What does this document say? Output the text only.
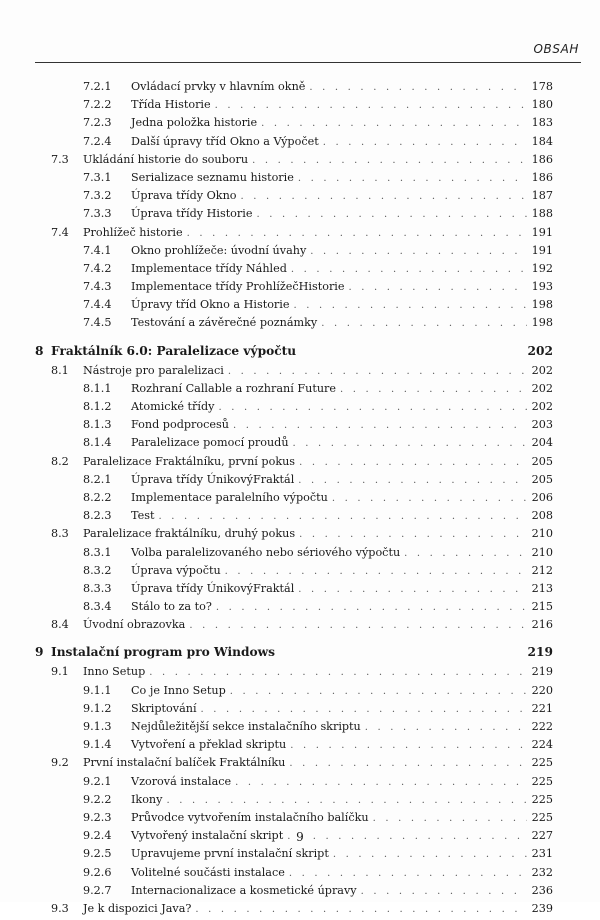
OBSAH
7.2.1	Ovládací prvky v hlavním okně . . .	178
7.2.2	Třída Historie . . .	180
7.2.3	Jedna položka historie . . .	183
7.2.4	Další úpravy tříd Okno a Výpočet . . .	184
7.3	Ukládání historie do souboru . . .	186
7.3.1	Serializace seznamu historie . . .	186
7.3.2	Úprava třídy Okno . . .	187
7.3.3	Úprava třídy Historie . . .	188
7.4	Prohlížeč historie . . .	191
7.4.1	Okno prohlížeče: úvodní úvahy . . .	191
7.4.2	Implementace třídy Náhled . . .	192
7.4.3	Implementace třídy ProhlížečHistorie . . .	193
7.4.4	Úpravy tříd Okno a Historie . . .	198
7.4.5	Testování a závěrečné poznámky . . .	198
8 Fraktálník 6.0: Paralelizace výpočtu	202
8.1	Nástroje pro paralelizaci . . .	202
8.1.1	Rozhraní Callable a rozhraní Future . . .	202
8.1.2	Atomické třídy . . .	202
8.1.3	Fond podprocesů . . .	203
8.1.4	Paralelizace pomocí proudů . . .	204
8.2	Paralelizace Fraktálníku, první pokus . . .	205
8.2.1	Úprava třídy ÚnikovýFraktál . . .	205
8.2.2	Implementace paralelního výpočtu . . .	206
8.2.3	Test . . .	208
8.3	Paralelizace fraktálníku, druhý pokus . . .	210
8.3.1	Volba paralelizovaného nebo sériového výpočtu . . .	210
8.3.2	Úprava výpočtu . . .	212
8.3.3	Úprava třídy ÚnikovýFraktál . . .	213
8.3.4	Stálo to za to? . . .	215
8.4	Úvodní obrazovka . . .	216
9 Instalační program pro Windows	219
9.1	Inno Setup . . .	219
9.1.1	Co je Inno Setup . . .	220
9.1.2	Skriptování . . .	221
9.1.3	Nejdůležitější sekce instalačního skriptu . . .	222
9.1.4	Vytvoření a překlad skriptu . . .	224
9.2	První instalační balíček Fraktálníku . . .	225
9.2.1	Vzorová instalace . . .	225
9.2.2	Ikony . . .	225
9.2.3	Průvodce vytvořením instalačního balíčku . . .	225
9.2.4	Vytvořený instalační skript . . .	227
9.2.5	Upravujeme první instalační skript . . .	231
9.2.6	Volitelné součásti instalace . . .	232
9.2.7	Internacionalizace a kosmetické úpravy . . .	236
9.3	Je k dispozici Java? . . .	239
9
